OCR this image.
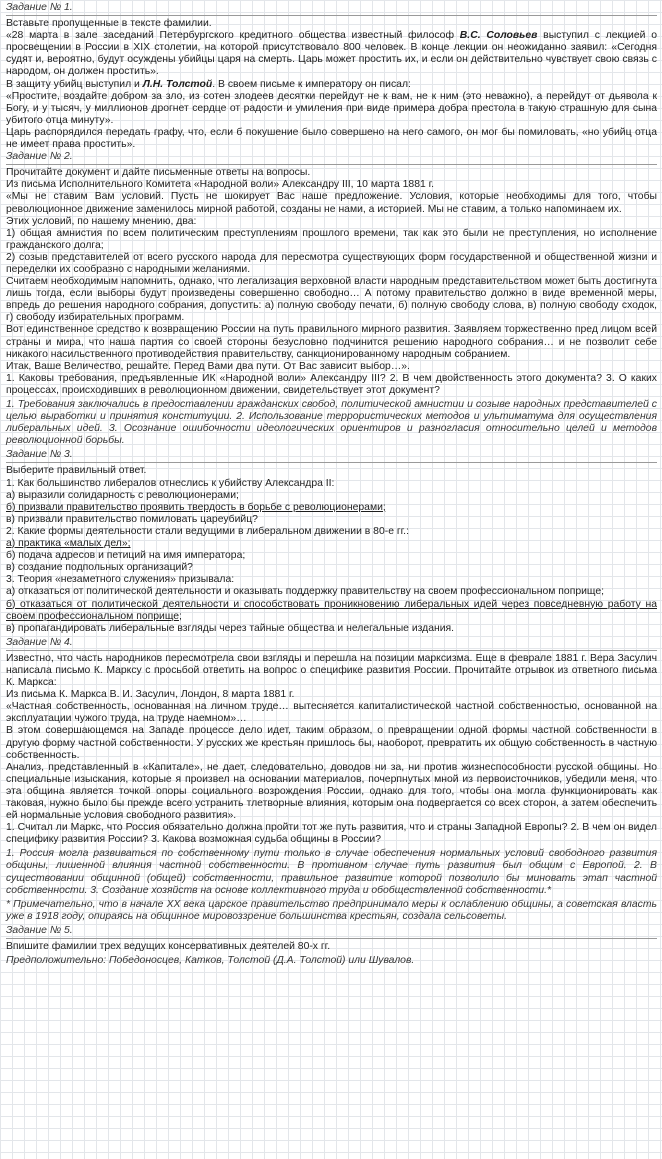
Задание № 1.

Вставьте пропущенные в тексте фамилии.

«28 марта в зале заседаний Петербургского кредитного общества известный философ В.С. Соловьев выступил с лекцией о просвещении в России в XIX столетии, на которой присутствовало 800 человек. В конце лекции он неожиданно заявил: «Сегодня судят и, вероятно, будут осуждены убийцы царя на смерть. Царь может простить их, и если он действительно чувствует свою связь с народом, он должен простить».

В защиту убийц выступил и Л.Н. Толстой. В своем письме к императору он писал:

«Простите, воздайте добром за зло, из сотен злодеев десятки перейдут не к вам, не к ним (это неважно), а перейдут от дьявола к Богу, и у тысяч, у миллионов дрогнет сердце от радости и умиления при виде примера добра престола в такую страшную для сына убитого отца минуту».

Царь распорядился передать графу, что, если б покушение было совершено на него самого, он мог бы помиловать, «но убийц отца не имеет права простить».

Задание № 2.

Прочитайте документ и дайте письменные ответы на вопросы.

Из письма Исполнительного Комитета «Народной воли» Александру III, 10 марта 1881 г.

«Мы не ставим Вам условий. Пусть не шокирует Вас наше предложение. Условия, которые необходимы для того, чтобы революционное движение заменилось мирной работой, созданы не нами, а историей. Мы не ставим, а только напоминаем их.

Этих условий, по нашему мнению, два:

1) общая амнистия по всем политическим преступлениям прошлого времени, так как это были не преступления, но исполнение гражданского долга;

2) созыв представителей от всего русского народа для пересмотра существующих форм государственной и общественной жизни и переделки их сообразно с народными желаниями.

Считаем необходимым напомнить, однако, что легализация верховной власти народным представительством может быть достигнута лишь тогда, если выборы будут произведены совершенно свободно… А потому правительство должно в виде временной меры, впредь до решения народного собрания, допустить: а) полную свободу печати, б) полную свободу слова, в) полную свободу сходок, г) свободу избирательных программ.

Вот единственное средство к возвращению России на путь правильного мирного развития. Заявляем торжественно пред лицом всей страны и мира, что наша партия со своей стороны безусловно подчинится решению народного собрания… и не позволит себе никакого насильственного противодействия правительству, санкционированному народным собранием.

Итак, Ваше Величество, решайте. Перед Вами два пути. От Вас зависит выбор…».

1. Каковы требования, предъявленные ИК «Народной воли» Александру III? 2. В чем двойственность этого документа? 3. О каких процессах, происходивших в революционном движении, свидетельствует этот документ?

1. Требования заключались в предоставлении гражданских свобод, политической амнистии и созыве народных представителей с целью выработки и принятия конституции. 2. Использование террористических методов и ультиматума для осуществления либеральных идей. 3. Осознание ошибочности идеологических ориентиров и разногласия относительно целей и методов революционной борьбы.

Задание № 3.

Выберите правильный ответ.

1. Как большинство либералов отнеслись к убийству Александра II:

а) выразили солидарность с революционерами;

б) призвали правительство проявить твердость в борьбе с революционерами;

в) призвали правительство помиловать цареубийц?

2. Какие формы деятельности стали ведущими в либеральном движении в 80-е гг.:

а) практика «малых дел»;

б) подача адресов и петиций на имя императора;

в) создание подпольных организаций?

3. Теория «незаметного служения» призывала:

а) отказаться от политической деятельности и оказывать поддержку правительству на своем профессиональном поприще;

б) отказаться от политической деятельности и способствовать проникновению либеральных идей через повседневную работу на своем профессиональном поприще;

в) пропагандировать либеральные взгляды через тайные общества и нелегальные издания.

Задание № 4.

Известно, что часть народников пересмотрела свои взгляды и перешла на позиции марксизма. Еще в феврале 1881 г. Вера Засулич написала письмо К. Марксу с просьбой ответить на вопрос о специфике развития России. Прочитайте отрывок из ответного письма К. Маркса:

Из письма К. Маркса В. И. Засулич, Лондон, 8 марта 1881 г.

«Частная собственность, основанная на личном труде… вытесняется капиталистической частной собственностью, основанной на эксплуатации чужого труда, на труде наемном»…

В этом совершающемся на Западе процессе дело идет, таким образом, о превращении одной формы частной собственности в другую форму частной собственности. У русских же крестьян пришлось бы, наоборот, превратить их общую собственность в частную собственность.

Анализ, представленный в «Капитале», не дает, следовательно, доводов ни за, ни против жизнеспособности русской общины. Но специальные изыскания, которые я произвел на основании материалов, почерпнутых мной из первоисточников, убедили меня, что эта община является точкой опоры социального возрождения России, однако для того, чтобы она могла функционировать как таковая, нужно было бы прежде всего устранить тлетворные влияния, которым она подвергается со всех сторон, а затем обеспечить ей нормальные условия свободного развития».

1. Считал ли Маркс, что Россия обязательно должна пройти тот же путь развития, что и страны Западной Европы? 2. В чем он видел специфику развития России? 3. Какова возможная судьба общины в России?

1. Россия могла развиваться по собственному пути только в случае обеспечения нормальных условий свободного развития общины, лишенной влияния частной собственности. В противном случае путь развития был общим с Европой. 2. В существовании общинной (общей) собственности, правильное развитие которой позволило бы миновать этап частной собственности. 3. Создание хозяйств на основе коллективного труда и обобществленной собственности.*

* Примечательно, что в начале XX века царское правительство предпринимало меры к ослаблению общины, а советская власть уже в 1918 году, опираясь на общинное мировоззрение большинства крестьян, создала сельсоветы.

Задание № 5.

Впишите фамилии трех ведущих консервативных деятелей 80-х гг.

Предположительно: Победоносцев, Катков, Толстой (Д.А. Толстой) или Шувалов.
